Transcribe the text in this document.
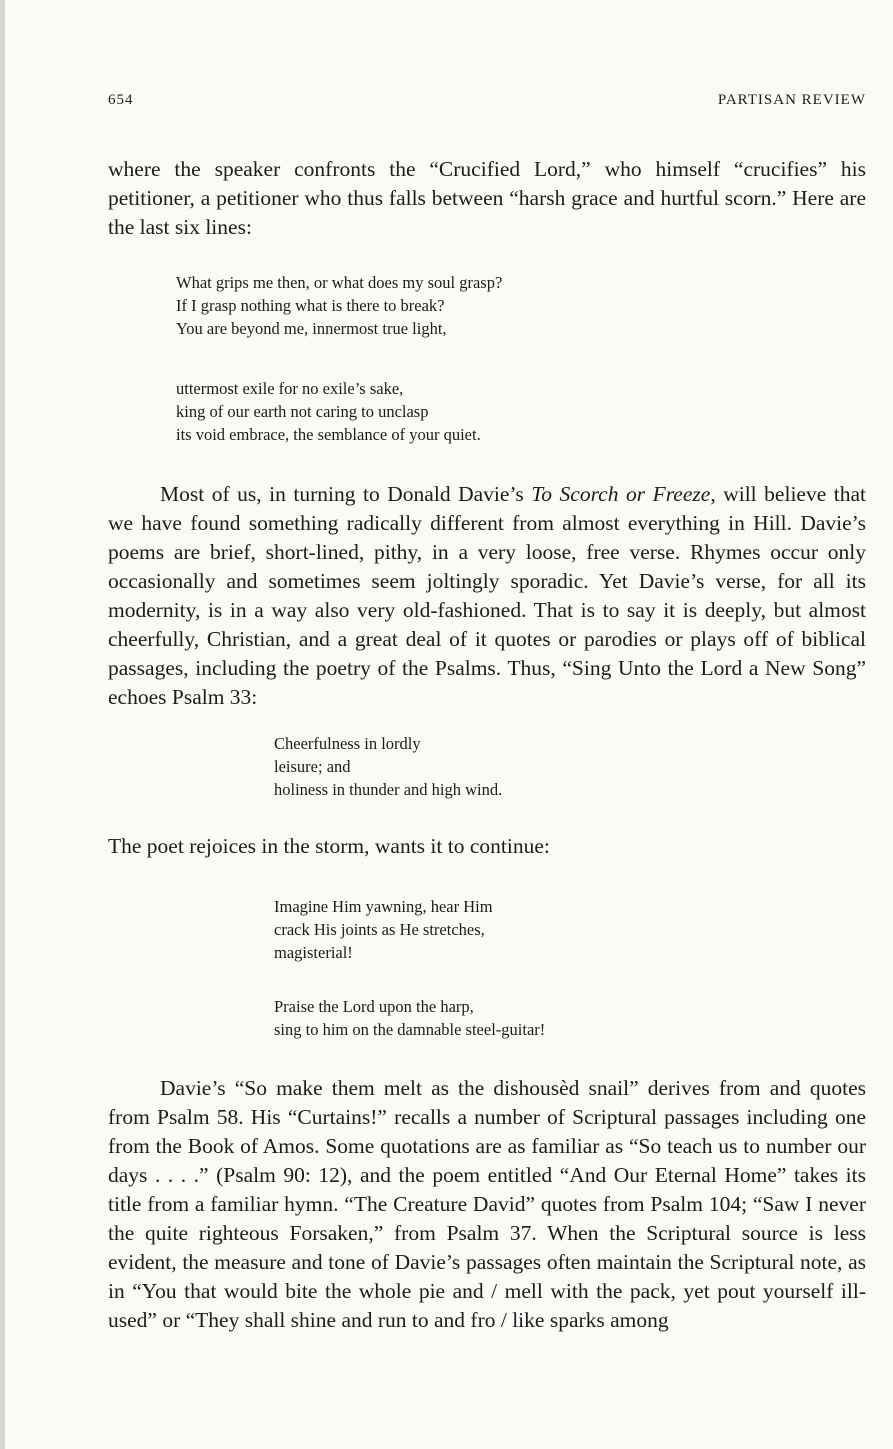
654	PARTISAN REVIEW

where the speaker confronts the “Crucified Lord,” who himself “crucifies” his petitioner, a petitioner who thus falls between “harsh grace and hurtful scorn.” Here are the last six lines:

What grips me then, or what does my soul grasp?
If I grasp nothing what is there to break?
You are beyond me, innermost true light,
uttermost exile for no exile’s sake,
king of our earth not caring to unclasp
its void embrace, the semblance of your quiet.

Most of us, in turning to Donald Davie’s To Scorch or Freeze, will believe that we have found something radically different from almost everything in Hill. Davie’s poems are brief, short-lined, pithy, in a very loose, free verse. Rhymes occur only occasionally and sometimes seem joltingly sporadic. Yet Davie’s verse, for all its modernity, is in a way also very old-fashioned. That is to say it is deeply, but almost cheerfully, Christian, and a great deal of it quotes or parodies or plays off of biblical passages, including the poetry of the Psalms. Thus, “Sing Unto the Lord a New Song” echoes Psalm 33:

Cheerfulness in lordly
leisure; and
holiness in thunder and high wind.

The poet rejoices in the storm, wants it to continue:

Imagine Him yawning, hear Him
crack His joints as He stretches,
magisterial!
Praise the Lord upon the harp,
sing to him on the damnable steel-guitar!

Davie’s “So make them melt as the dishousèd snail” derives from and quotes from Psalm 58. His “Curtains!” recalls a number of Scriptural passages including one from the Book of Amos. Some quotations are as familiar as “So teach us to number our days . . . .” (Psalm 90: 12), and the poem entitled “And Our Eternal Home” takes its title from a familiar hymn. “The Creature David” quotes from Psalm 104; “Saw I never the quite righteous Forsaken,” from Psalm 37. When the Scriptural source is less evident, the measure and tone of Davie’s passages often maintain the Scriptural note, as in “You that would bite the whole pie and / mell with the pack, yet pout yourself ill-used” or “They shall shine and run to and fro / like sparks among
